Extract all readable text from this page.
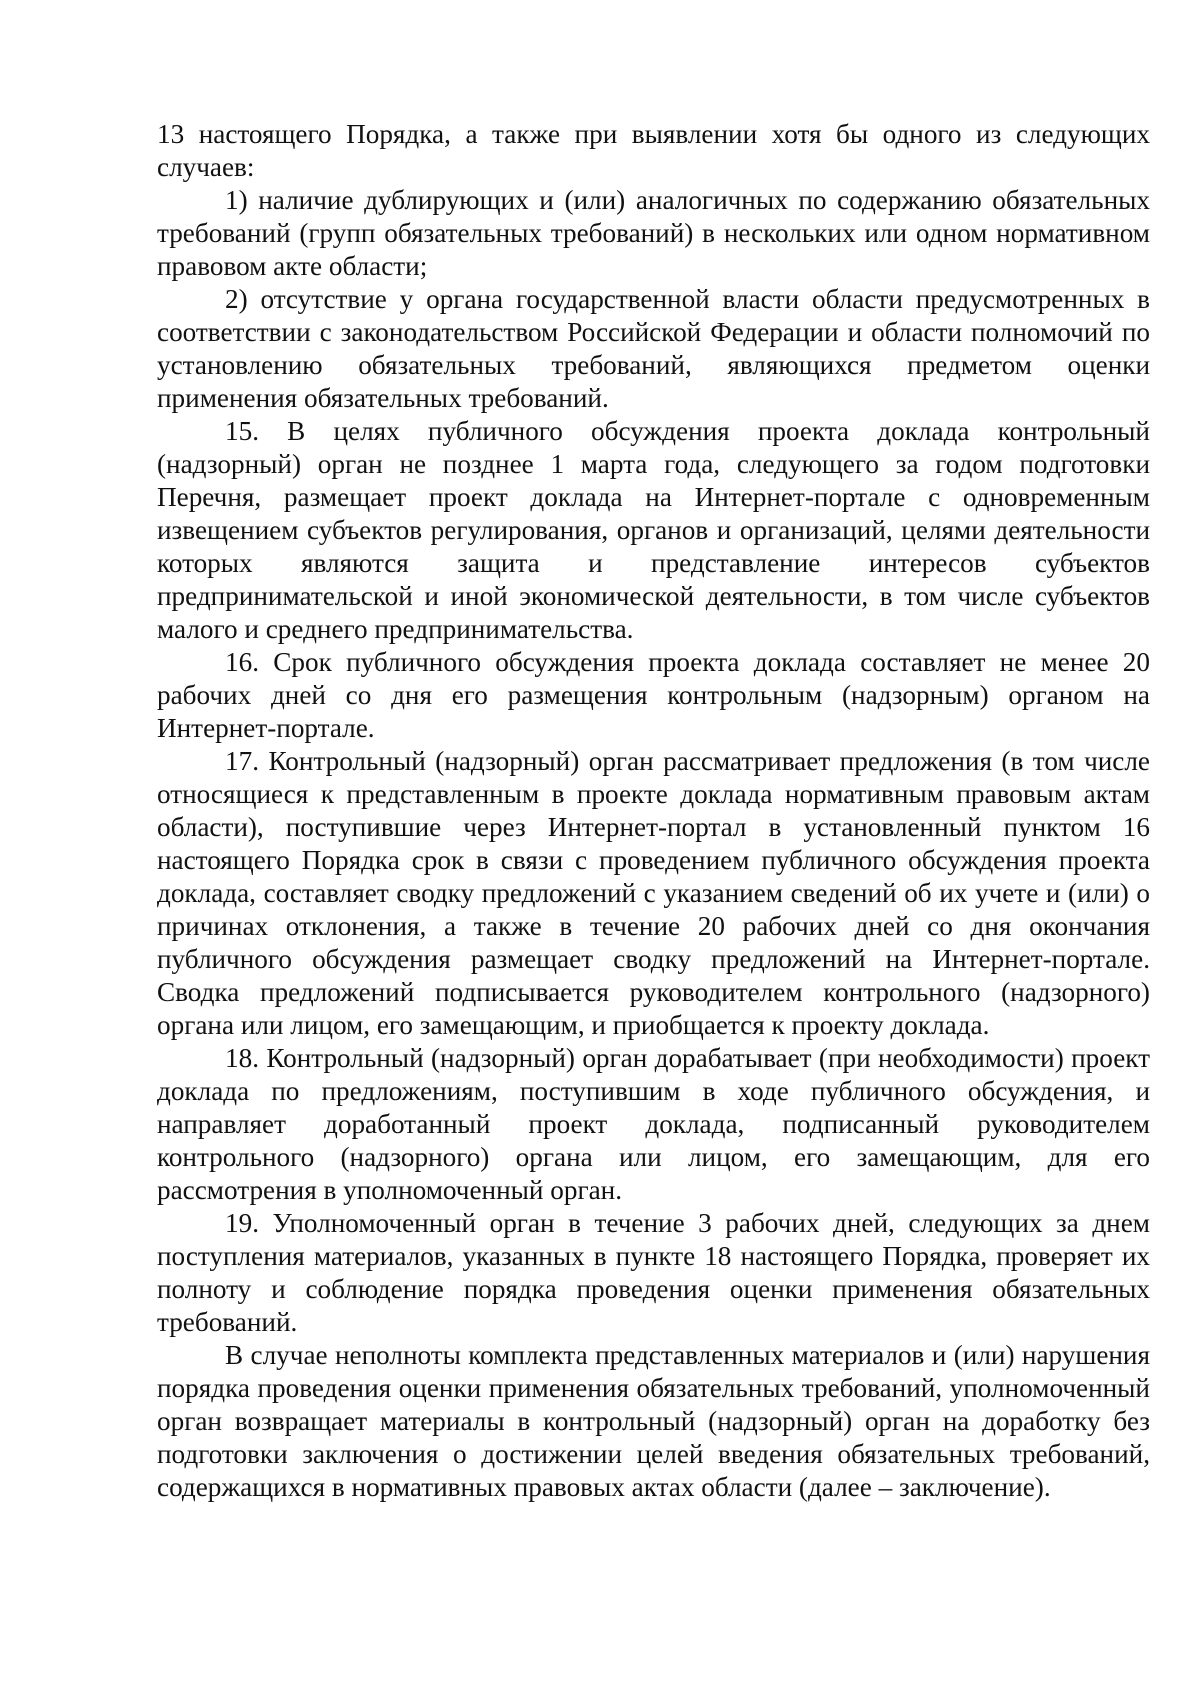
13 настоящего Порядка, а также при выявлении хотя бы одного из следующих случаев:

1) наличие дублирующих и (или) аналогичных по содержанию обязательных требований (групп обязательных требований) в нескольких или одном нормативном правовом акте области;

2) отсутствие у органа государственной власти области предусмотренных в соответствии с законодательством Российской Федерации и области полномочий по установлению обязательных требований, являющихся предметом оценки применения обязательных требований.

15. В целях публичного обсуждения проекта доклада контрольный (надзорный) орган не позднее 1 марта года, следующего за годом подготовки Перечня, размещает проект доклада на Интернет-портале с одновременным извещением субъектов регулирования, органов и организаций, целями деятельности которых являются защита и представление интересов субъектов предпринимательской и иной экономической деятельности, в том числе субъектов малого и среднего предпринимательства.

16. Срок публичного обсуждения проекта доклада составляет не менее 20 рабочих дней со дня его размещения контрольным (надзорным) органом на Интернет-портале.

17. Контрольный (надзорный) орган рассматривает предложения (в том числе относящиеся к представленным в проекте доклада нормативным правовым актам области), поступившие через Интернет-портал в установленный пунктом 16 настоящего Порядка срок в связи с проведением публичного обсуждения проекта доклада, составляет сводку предложений с указанием сведений об их учете и (или) о причинах отклонения, а также в течение 20 рабочих дней со дня окончания публичного обсуждения размещает сводку предложений на Интернет-портале. Сводка предложений подписывается руководителем контрольного (надзорного) органа или лицом, его замещающим, и приобщается к проекту доклада.

18. Контрольный (надзорный) орган дорабатывает (при необходимости) проект доклада по предложениям, поступившим в ходе публичного обсуждения, и направляет доработанный проект доклада, подписанный руководителем контрольного (надзорного) органа или лицом, его замещающим, для его рассмотрения в уполномоченный орган.

19. Уполномоченный орган в течение 3 рабочих дней, следующих за днем поступления материалов, указанных в пункте 18 настоящего Порядка, проверяет их полноту и соблюдение порядка проведения оценки применения обязательных требований.

В случае неполноты комплекта представленных материалов и (или) нарушения порядка проведения оценки применения обязательных требований, уполномоченный орган возвращает материалы в контрольный (надзорный) орган на доработку без подготовки заключения о достижении целей введения обязательных требований, содержащихся в нормативных правовых актах области (далее – заключение).
